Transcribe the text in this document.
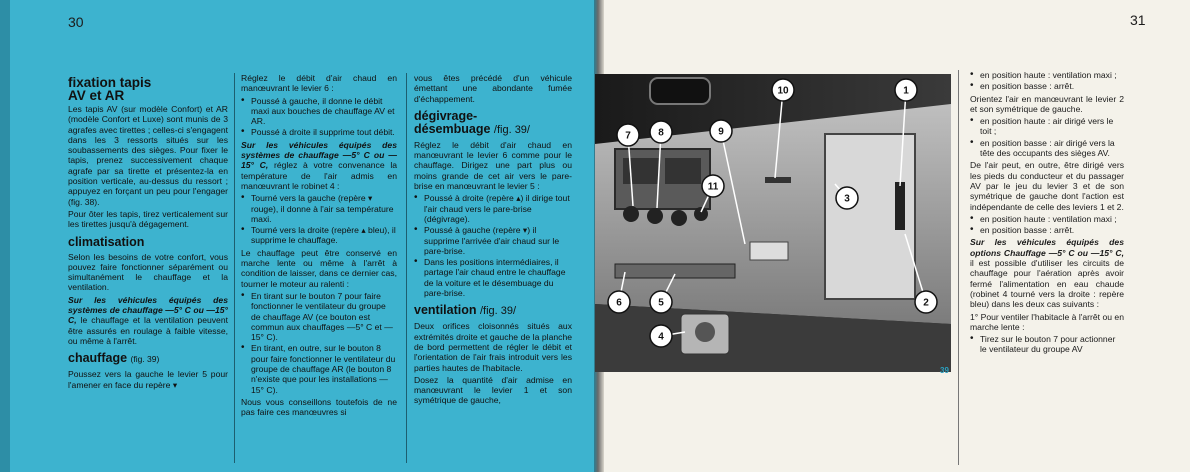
30
fixation tapis
AV et AR

Les tapis AV (sur modèle Confort) et AR (modèle Confort et Luxe) sont munis de 3 agrafes avec tirettes ; celles-ci s'engagent dans les 3 ressorts situés sur les soubassements des sièges. Pour fixer le tapis, prenez successivement chaque agrafe par sa tirette et présentez-la en position verticale, au-dessus du ressort ; appuyez en forçant un peu pour l'engager (fig. 38).

Pour ôter les tapis, tirez verticalement sur les tirettes jusqu'à dégagement.

climatisation

Selon les besoins de votre confort, vous pouvez faire fonctionner séparément ou simultanément le chauffage et la ventilation.

Sur les véhicules équipés des systèmes de chauffage —5° C ou —15° C, le chauffage et la ventilation peuvent être assurés en roulage à faible vitesse, ou même à l'arrêt.

chauffage (fig. 39)

Poussez vers la gauche le levier 5 pour l'amener en face du repère ▾

Réglez le débit d'air chaud en manœuvrant le levier 6 :

• Poussé à gauche, il donne le débit maxi aux bouches de chauffage AV et AR.
• Poussé à droite il supprime tout débit.

Sur les véhicules équipés des systèmes de chauffage —5° C ou —15° C, réglez à votre convenance la température de l'air admis en manœuvrant le robinet 4 :

• Tourné vers la gauche (repère ▾ rouge), il donne à l'air sa température maxi.
• Tourné vers la droite (repère ▴ bleu), il supprime le chauffage.

Le chauffage peut être conservé en marche lente ou même à l'arrêt à condition de laisser, dans ce dernier cas, tourner le moteur au ralenti :

• En tirant sur le bouton 7 pour faire fonctionner le ventilateur du groupe de chauffage AV (ce bouton est commun aux chauffages —5° C et —15° C).
• En tirant, en outre, sur le bouton 8 pour faire fonctionner le ventilateur du groupe de chauffage AR (le bouton 8 n'existe que pour les installations —15° C).

Nous vous conseillons toutefois de ne pas faire ces manœuvres si

vous êtes précédé d'un véhicule émettant une abondante fumée d'échappement.

dégivrage-
désembuage /fig. 39/

Réglez le débit d'air chaud en manœuvrant le levier 6 comme pour le chauffage. Dirigez une part plus ou moins grande de cet air vers le pare-brise en manœuvrant le levier 5 :

• Poussé à droite (repère ▴) il dirige tout l'air chaud vers le pare-brise (dégivrage).
• Poussé à gauche (repère ▾) il supprime l'arrivée d'air chaud sur le pare-brise.
• Dans les positions intermédiaires, il partage l'air chaud entre le chauffage de la voiture et le désembuage du pare-brise.
ventilation /fig. 39/

Deux orifices cloisonnés situés aux extrémités droite et gauche de la planche de bord permettent de régler le débit et l'orientation de l'air frais introduit vers les parties hautes de l'habitacle.

Dosez la quantité d'air admise en manœuvrant le levier 1 et son symétrique de gauche,

31
1
2
3
4
5
6
7	8	9
10
11
39
• en position haute : ventilation maxi ;
• en position basse : arrêt.

Orientez l'air en manœuvrant le levier 2 et son symétrique de gauche.

• en position haute : air dirigé vers le toit ;
• en position basse : air dirigé vers la tête des occupants des sièges AV.

De l'air peut, en outre, être dirigé vers les pieds du conducteur et du passager AV par le jeu du levier 3 et de son symétrique de gauche dont l'action est indépendante de celle des leviers 1 et 2.

• en position haute : ventilation maxi ;
• en position basse : arrêt.

Sur les véhicules équipés des options Chauffage —5° C ou —15° C, il est possible d'utiliser les circuits de chauffage pour l'aération après avoir fermé l'alimentation en eau chaude (robinet 4 tourné vers la droite : repère bleu) dans les deux cas suivants :

1° Pour ventiler l'habitacle à l'arrêt ou en marche lente :

• Tirez sur le bouton 7 pour actionner le ventilateur du groupe AV
